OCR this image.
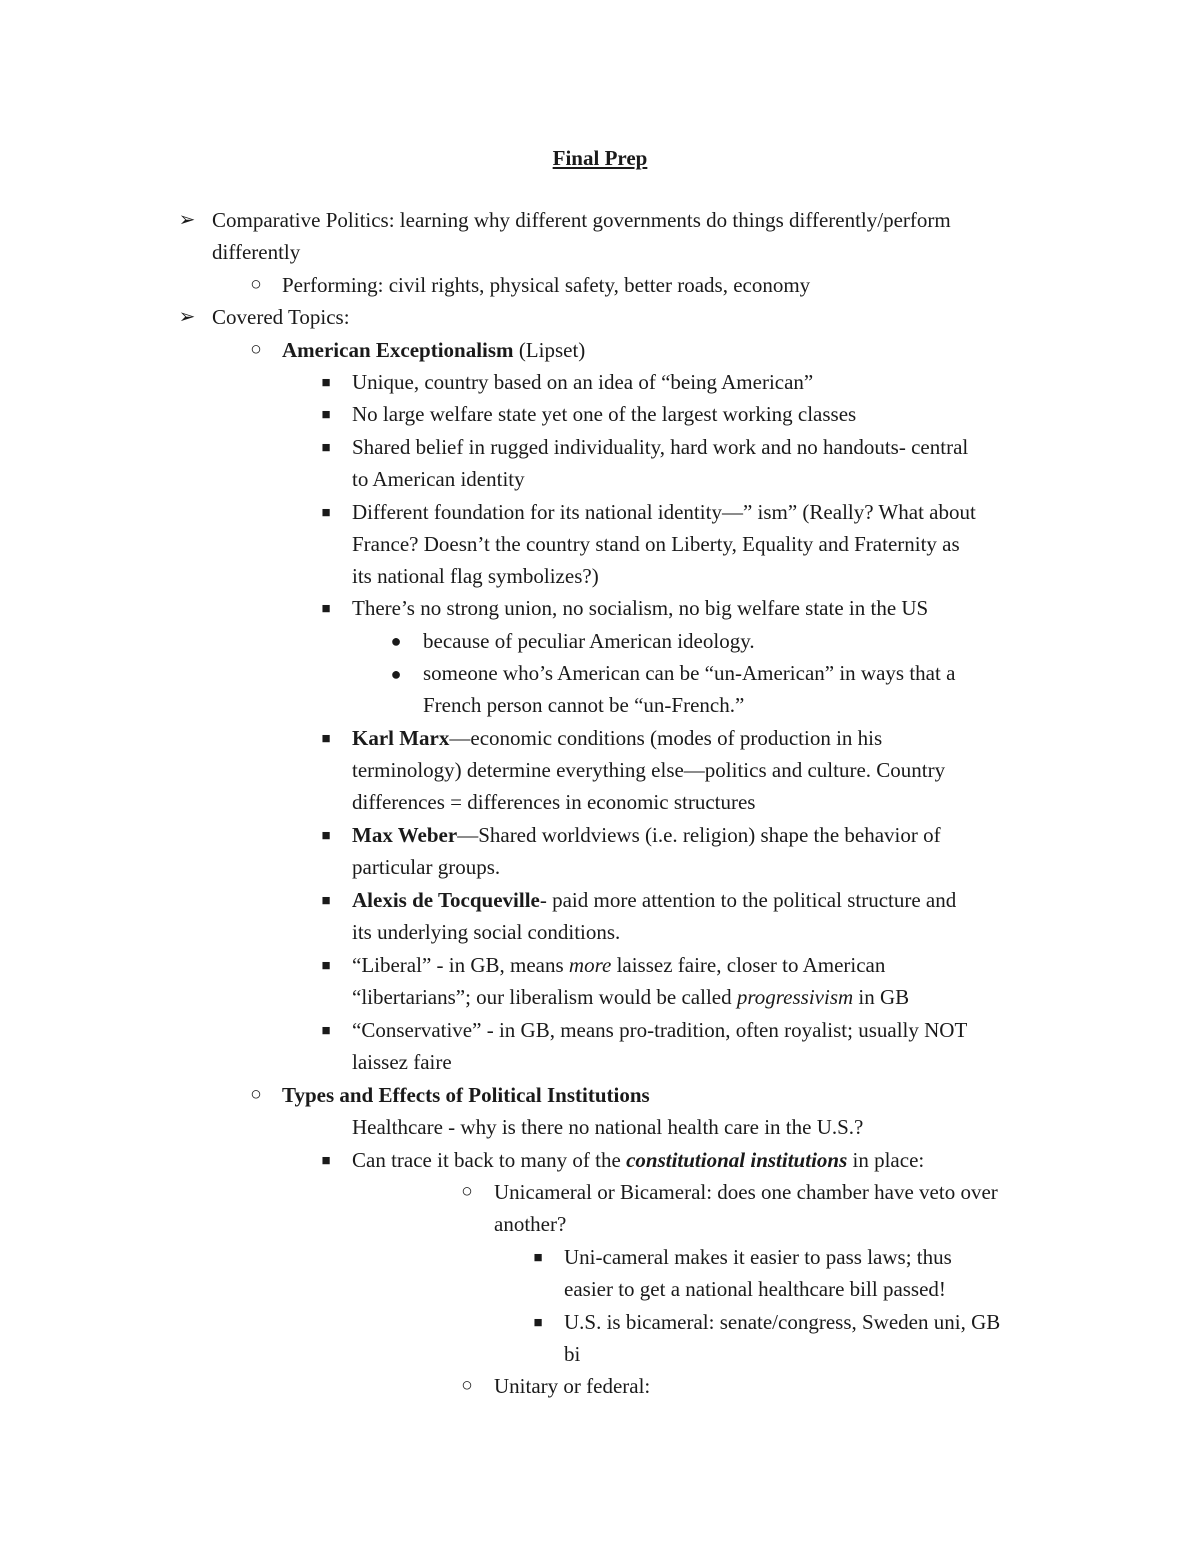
Final Prep
➢ Comparative Politics: learning why different governments do things differently/perform
differently
○ Performing: civil rights, physical safety, better roads, economy
➢ Covered Topics:
○ American Exceptionalism (Lipset)
■	Unique, country based on an idea of “being American”
■	No large welfare state yet one of the largest working classes
■	Shared belief in rugged individuality, hard work and no handouts- central
to American identity
■	Different foundation for its national identity—” ism” (Really? What about
France? Doesn’t the country stand on Liberty, Equality and Fraternity as
its national flag symbolizes?)
■	There’s no strong union, no socialism, no big welfare state in the US
●	because of peculiar American ideology.
●	someone who’s American can be “un-American” in ways that a
French person cannot be “un-French.”
■	Karl Marx—economic conditions (modes of production in his
terminology) determine everything else—politics and culture. Country
differences = differences in economic structures
■	Max Weber—Shared worldviews (i.e. religion) shape the behavior of
particular groups.
■	Alexis de Tocqueville- paid more attention to the political structure and
its underlying social conditions.
■	“Liberal” - in GB, means more laissez faire, closer to American
“libertarians”; our liberalism would be called progressivism in GB
■	“Conservative” - in GB, means pro-tradition, often royalist; usually NOT
laissez faire
○ Types and Effects of Political Institutions
Healthcare - why is there no national health care in the U.S.?
■	Can trace it back to many of the constitutional institutions in place:
○ Unicameral or Bicameral: does one chamber have veto over
another?
■	Uni-cameral makes it easier to pass laws; thus
easier to get a national healthcare bill passed!
■	U.S. is bicameral: senate/congress, Sweden uni, GB
bi
○ Unitary or federal:
